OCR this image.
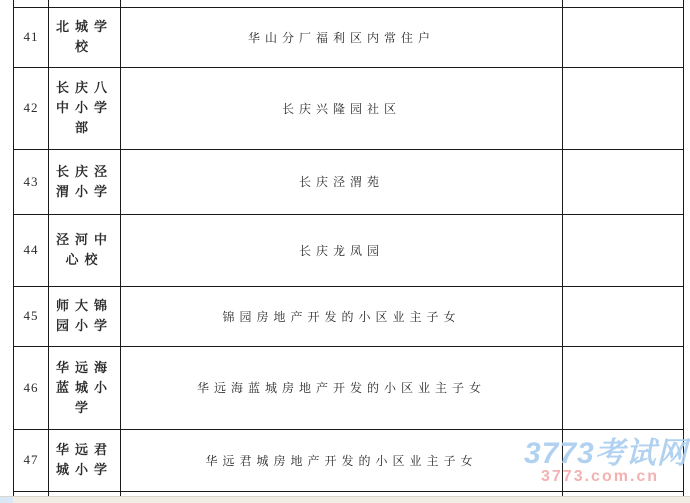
41	北城学校	华山分厂福利区内常住户	
42	长庆八中小学部	长庆兴隆园社区	
43	长庆泾渭小学	长庆泾渭苑	
44	泾河中心校	长庆龙凤园	
45	师大锦园小学	锦园房地产开发的小区业主子女	
46	华远海蓝城小学	华远海蓝城房地产开发的小区业主子女	
47	华远君城小学	华远君城房地产开发的小区业主子女	
			3773考试网
3773.com.cn
